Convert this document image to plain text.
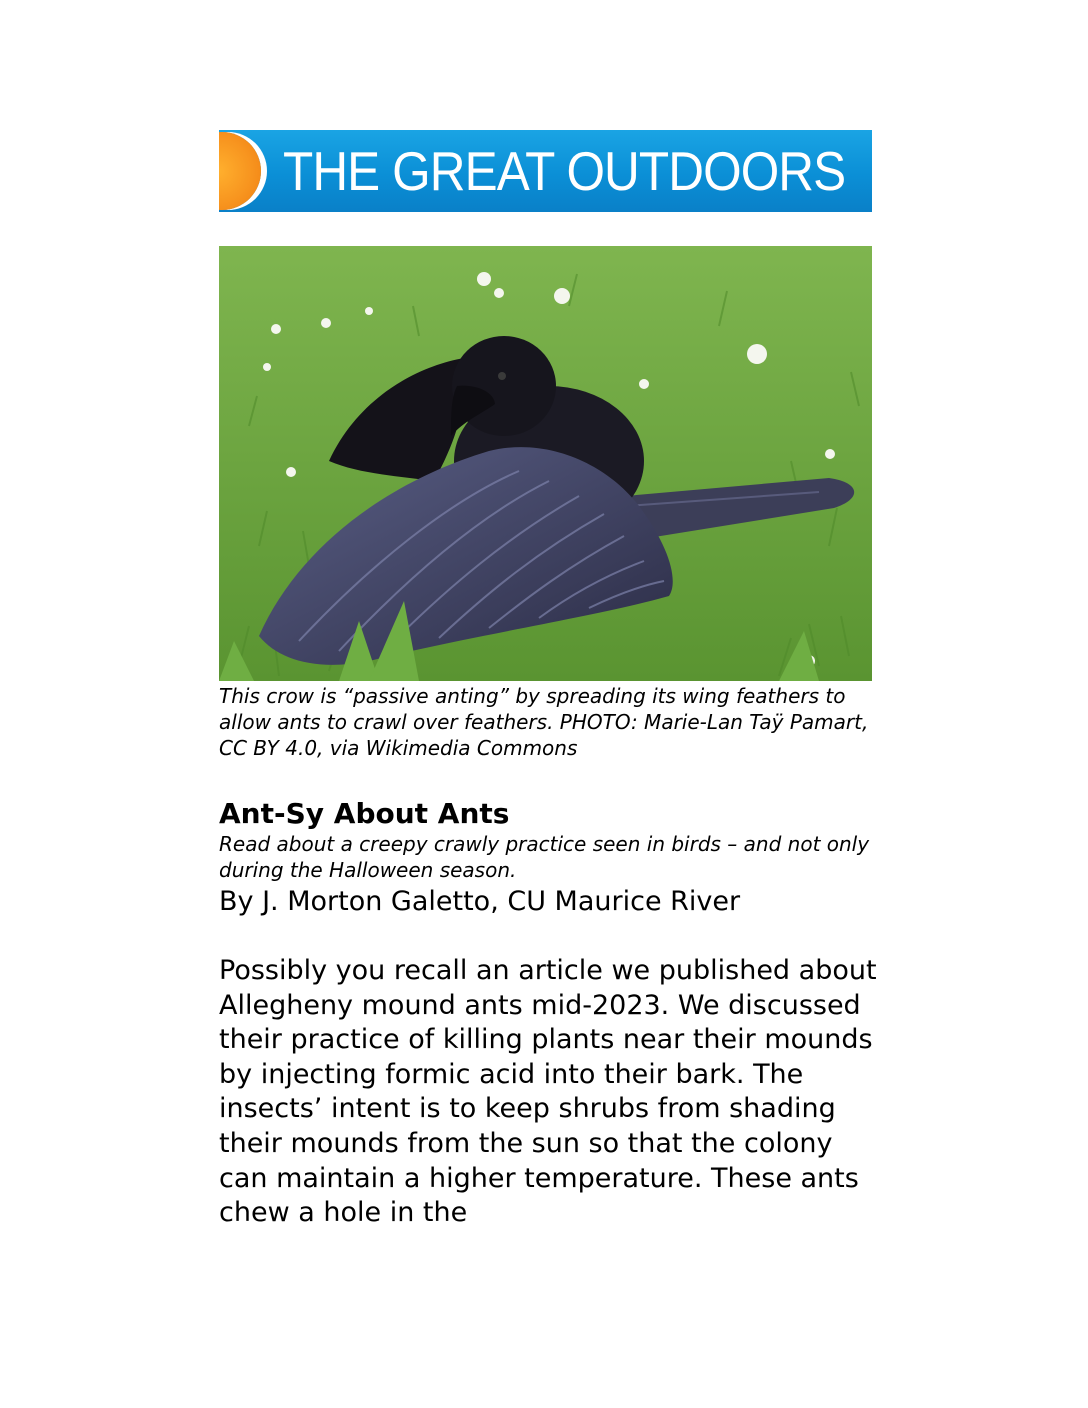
THE GREAT OUTDOORS
This crow is “passive anting” by spreading its wing feathers to allow ants to crawl over feathers. PHOTO: Marie-Lan Taÿ Pamart, CC BY 4.0, via Wikimedia Commons
Ant-Sy About Ants
Read about a creepy crawly practice seen in birds – and not only during the Halloween season.
By J. Morton Galetto, CU Maurice River
Possibly you recall an article we published about Allegheny mound ants mid-2023. We discussed their practice of killing plants near their mounds by injecting formic acid into their bark. The insects’ intent is to keep shrubs from shading their mounds from the sun so that the colony can maintain a higher temperature. These ants chew a hole in the
